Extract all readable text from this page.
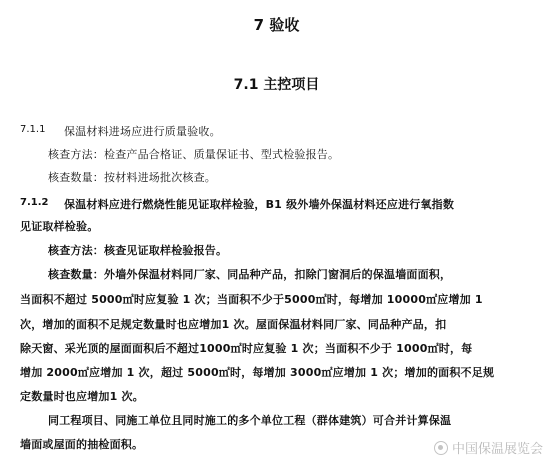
7 验收
7.1 主控项目
7.1.1 保温材料进场应进行质量验收。
核查方法：检查产品合格证、质量保证书、型式检验报告。
核查数量：按材料进场批次核查。
7.1.2 保温材料应进行燃烧性能见证取样检验，B1 级外墙外保温材料还应进行氧指数
见证取样检验。
核查方法：核查见证取样检验报告。
核查数量：外墙外保温材料同厂家、同品种产品，扣除门窗洞后的保温墙面面积，
当面积不超过 5000㎡时应复验 1 次；当面积不少于5000㎡时，每增加 10000㎡应增加 1
次，增加的面积不足规定数量时也应增加1 次。屋面保温材料同厂家、同品种产品，扣
除天窗、采光顶的屋面面积后不超过1000㎡时应复验 1 次；当面积不少于 1000㎡时，每
增加 2000㎡应增加 1 次，超过 5000㎡时，每增加 3000㎡应增加 1 次；增加的面积不足规
定数量时也应增加1 次。
同工程项目、同施工单位且同时施工的多个单位工程（群体建筑）可合并计算保温
墙面或屋面的抽检面积。	中国保温展览会
